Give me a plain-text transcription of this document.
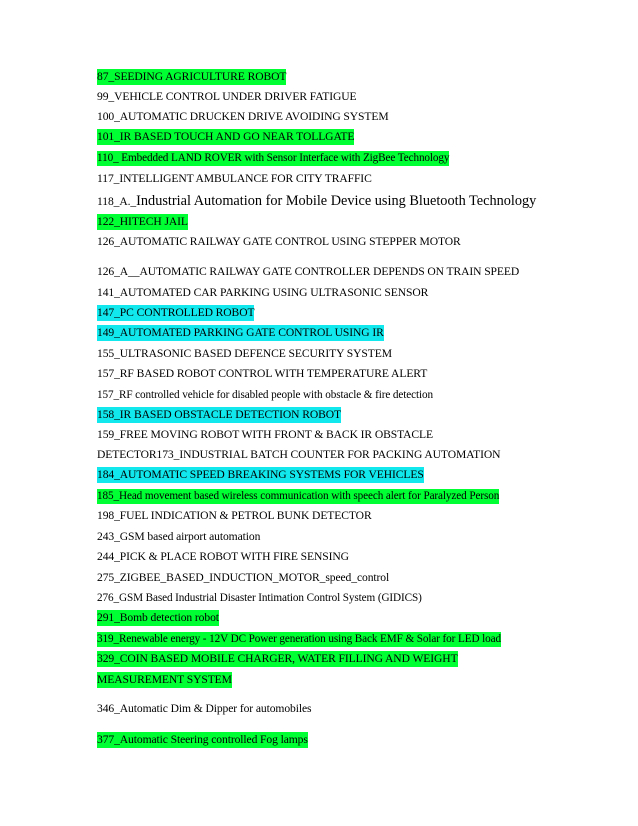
87_SEEDING AGRICULTURE ROBOT
99_VEHICLE CONTROL UNDER DRIVER FATIGUE
100_AUTOMATIC DRUCKEN DRIVE AVOIDING SYSTEM
101_IR BASED TOUCH AND GO NEAR TOLLGATE
110_ Embedded LAND ROVER with Sensor Interface with ZigBee Technology
117_INTELLIGENT AMBULANCE FOR CITY TRAFFIC
118_A._Industrial Automation for Mobile Device using Bluetooth Technology
122_HITECH JAIL
126_AUTOMATIC RAILWAY GATE CONTROL USING STEPPER MOTOR
126_A__AUTOMATIC RAILWAY GATE CONTROLLER DEPENDS ON TRAIN SPEED
141_AUTOMATED CAR PARKING USING ULTRASONIC SENSOR
147_PC CONTROLLED ROBOT
149_AUTOMATED PARKING GATE CONTROL USING IR
155_ULTRASONIC BASED DEFENCE SECURITY SYSTEM
157_RF BASED ROBOT CONTROL WITH TEMPERATURE ALERT
157_RF controlled vehicle for disabled people with obstacle & fire detection
158_IR BASED OBSTACLE DETECTION ROBOT
159_FREE MOVING ROBOT WITH FRONT & BACK IR OBSTACLE
DETECTOR173_INDUSTRIAL BATCH COUNTER FOR PACKING AUTOMATION
184_AUTOMATIC SPEED BREAKING SYSTEMS FOR VEHICLES
185_Head movement based wireless communication with speech alert for Paralyzed Person
198_FUEL INDICATION & PETROL BUNK DETECTOR
243_GSM based airport automation
244_PICK & PLACE ROBOT WITH FIRE SENSING
275_ZIGBEE_BASED_INDUCTION_MOTOR_speed_control
276_GSM Based Industrial Disaster Intimation Control System (GIDICS)
291_Bomb detection robot
319_Renewable energy - 12V DC Power generation using Back EMF & Solar for LED load
329_COIN BASED MOBILE CHARGER, WATER FILLING AND WEIGHT
MEASUREMENT SYSTEM
346_Automatic Dim & Dipper for automobiles
377_Automatic Steering controlled Fog lamps
